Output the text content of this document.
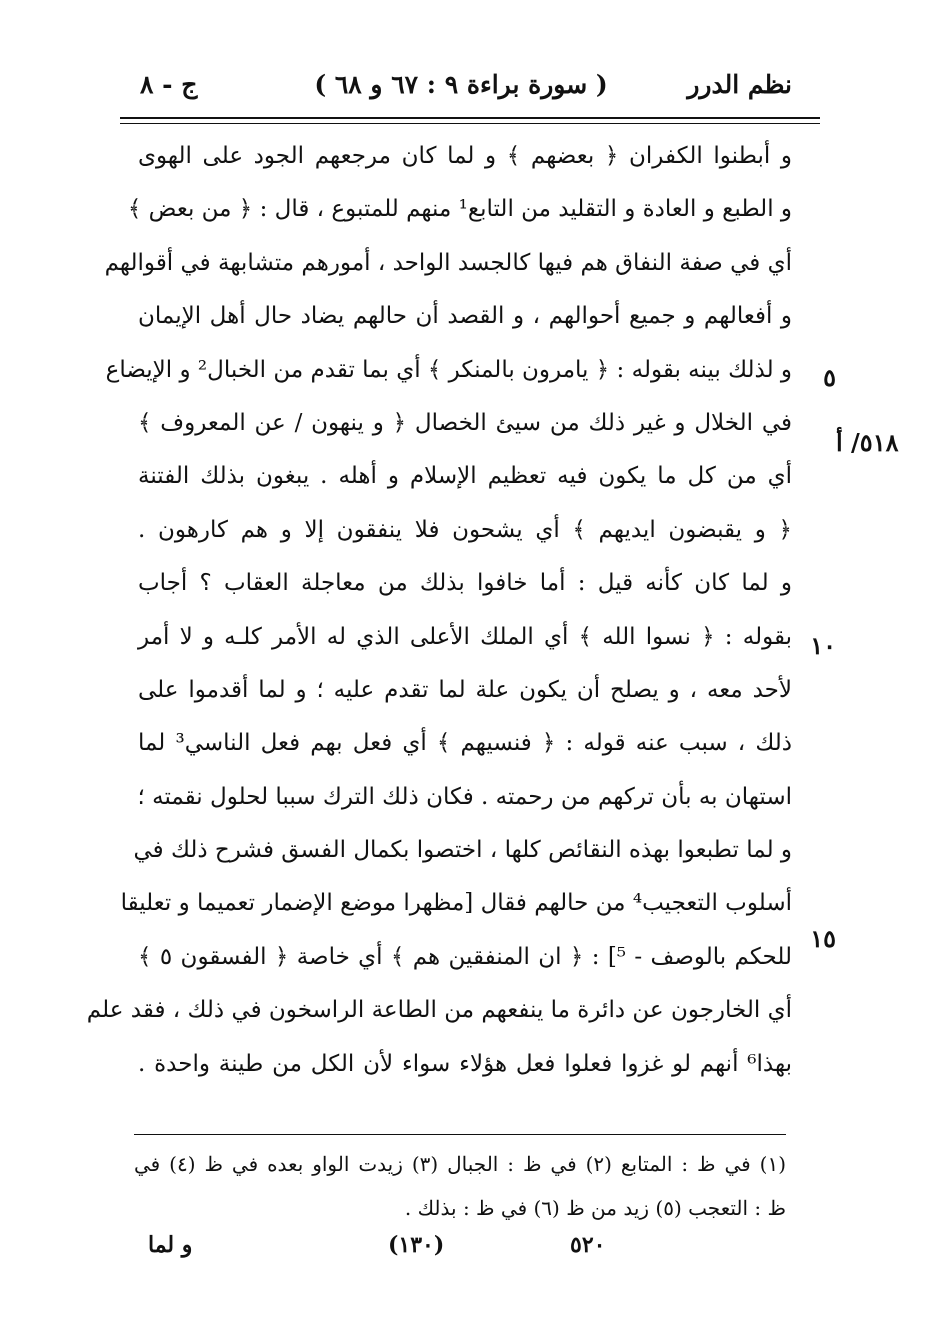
نظم الدرر
( سورة براءة ٩ : ٦٧ و ٦٨ )
ج - ٨
و أبطنوا الكفران ﴿ بعضهم ﴾ و لما كان مرجعهم الجود على الهوى
و الطبع و العادة و التقليد من التابع¹ منهم للمتبوع ، قال : ﴿ من بعض ﴾
أي في صفة النفاق هم فيها كالجسد الواحد ، أمورهم متشابهة في أقوالهم
و أفعالهم و جميع أحوالهم ، و القصد أن حالهم يضاد حال أهل الإيمان
و لذلك بينه بقوله : ﴿ يامرون بالمنكر ﴾ أي بما تقدم من الخبال² و الإيضاع
في الخلال و غير ذلك من سيئ الخصال ﴿ و ينهون / عن المعروف ﴾
أي من كل ما يكون فيه تعظيم الإسلام و أهله . يبغون بذلك الفتنة
﴿ و يقبضون ايديهم ﴾ أي يشحون فلا ينفقون إلا و هم كارهون .
و لما كان كأنه قيل : أما خافوا بذلك من معاجلة العقاب ؟ أجاب
بقوله : ﴿ نسوا الله ﴾ أي الملك الأعلى الذي له الأمر كلـه و لا أمر
لأحد معه ، و يصلح أن يكون علة لما تقدم عليه ؛ و لما أقدموا على
ذلك ، سبب عنه قوله : ﴿ فنسيهم ﴾ أي فعل بهم فعل الناسي³ لما
استهان به بأن تركهم من رحمته . فكان ذلك الترك سببا لحلول نقمته ؛
و لما تطبعوا بهذه النقائص كلها ، اختصوا بكمال الفسق فشرح ذلك في
أسلوب التعجيب⁴ من حالهم فقال [مظهرا موضع الإضمار تعميما و تعليقا
للحكم بالوصف - ⁵] : ﴿ ان المنفقين هم ﴾ أي خاصة ﴿ الفسقون ٥ ﴾
أي الخارجون عن دائرة ما ينفعهم من الطاعة الراسخون في ذلك ، فقد علم
بهذا⁶ أنهم لو غزوا فعلوا فعل هؤلاء سواء لأن الكل من طينة واحدة .
٥
١٠
١٥
٥١٨/ أ
(١) في ظ : المتابع (٢) في ظ : الجبال (٣) زيدت الواو بعده في ظ (٤) في
ظ : التعجب (٥) زيد من ظ (٦) في ظ : بذلك .
و لما	(١٣٠)	٥٢٠
